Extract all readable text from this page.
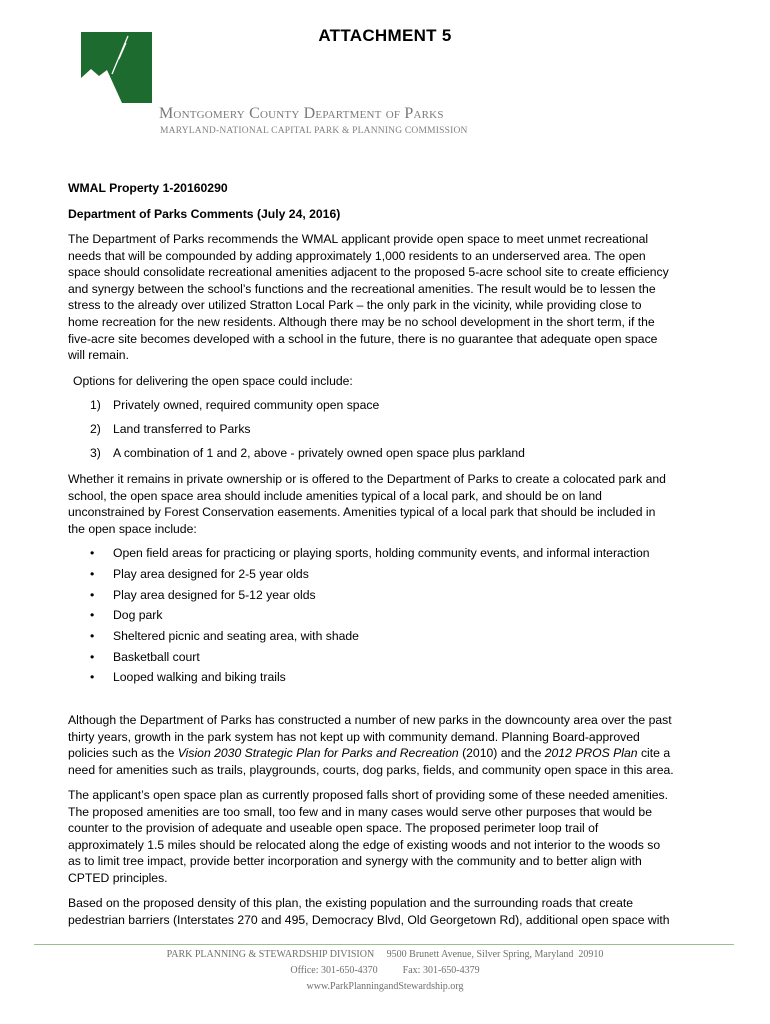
ATTACHMENT 5
Montgomery County Department of Parks
MARYLAND-NATIONAL CAPITAL PARK & PLANNING COMMISSION
WMAL Property 1-20160290
Department of Parks Comments (July 24, 2016)
The Department of Parks recommends the WMAL applicant provide open space to meet unmet recreational
needs that will be compounded by adding approximately 1,000 residents to an underserved area. The open
space should consolidate recreational amenities adjacent to the proposed 5-acre school site to create efficiency
and synergy between the school’s functions and the recreational amenities. The result would be to lessen the
stress to the already over utilized Stratton Local Park – the only park in the vicinity, while providing close to
home recreation for the new residents. Although there may be no school development in the short term, if the
five-acre site becomes developed with a school in the future, there is no guarantee that adequate open space
will remain.
Options for delivering the open space could include:
1) Privately owned, required community open space
2) Land transferred to Parks
3) A combination of 1 and 2, above - privately owned open space plus parkland
Whether it remains in private ownership or is offered to the Department of Parks to create a colocated park and
school, the open space area should include amenities typical of a local park, and should be on land
unconstrained by Forest Conservation easements. Amenities typical of a local park that should be included in
the open space include:
• Open field areas for practicing or playing sports, holding community events, and informal interaction
• Play area designed for 2-5 year olds
• Play area designed for 5-12 year olds
• Dog park
• Sheltered picnic and seating area, with shade
• Basketball court
• Looped walking and biking trails
Although the Department of Parks has constructed a number of new parks in the downcounty area over the past
thirty years, growth in the park system has not kept up with community demand. Planning Board-approved
policies such as the Vision 2030 Strategic Plan for Parks and Recreation (2010) and the 2012 PROS Plan cite a
need for amenities such as trails, playgrounds, courts, dog parks, fields, and community open space in this area.
The applicant’s open space plan as currently proposed falls short of providing some of these needed amenities.
The proposed amenities are too small, too few and in many cases would serve other purposes that would be
counter to the provision of adequate and useable open space. The proposed perimeter loop trail of
approximately 1.5 miles should be relocated along the edge of existing woods and not interior to the woods so
as to limit tree impact, provide better incorporation and synergy with the community and to better align with
CPTED principles.
Based on the proposed density of this plan, the existing population and the surrounding roads that create
pedestrian barriers (Interstates 270 and 495, Democracy Blvd, Old Georgetown Rd), additional open space with
PARK PLANNING & STEWARDSHIP DIVISION     9500 Brunett Avenue, Silver Spring, Maryland  20910
Office: 301-650-4370          Fax: 301-650-4379
www.ParkPlanningandStewardship.org
